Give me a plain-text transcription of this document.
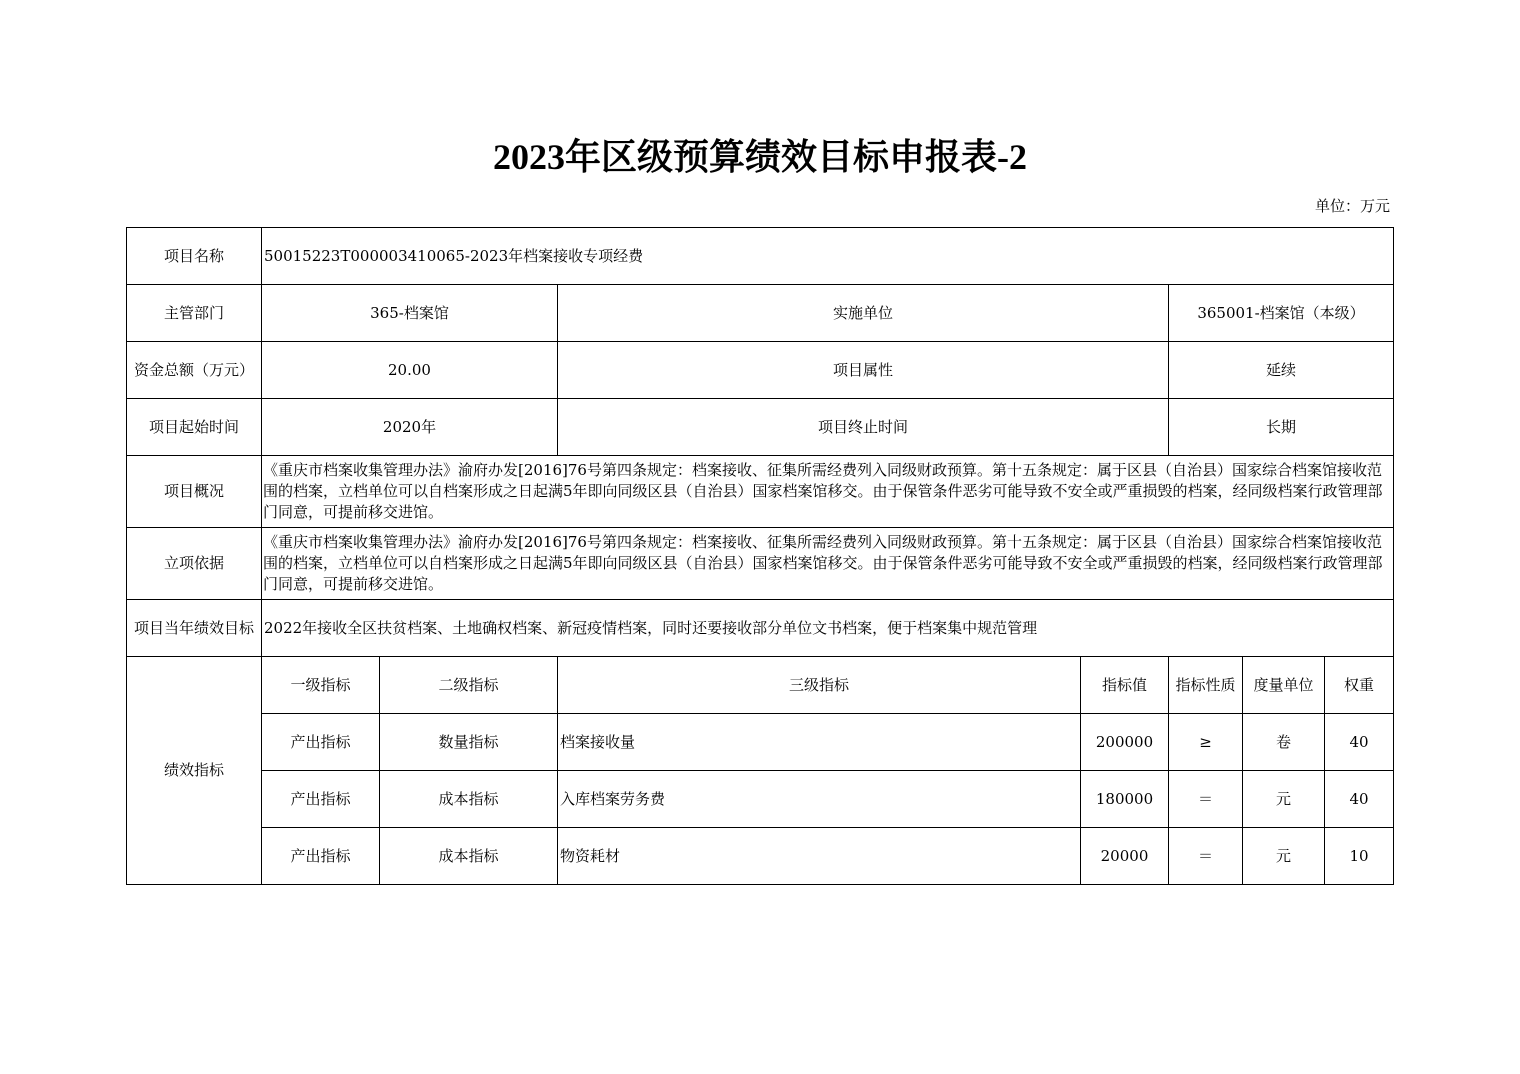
2023年区级预算绩效目标申报表-2
单位：万元
项目名称	50015223T000003410065-2023年档案接收专项经费						
主管部门	365-档案馆		实施单位		365001-档案馆（本级）		
资金总额（万元）	20.00		项目属性		延续		
项目起始时间	2020年		项目终止时间		长期		
项目概况	《重庆市档案收集管理办法》渝府办发[2016]76号第四条规定：档案接收、征集所需经费列入同级财政预算。第十五条规定：属于区县（自治县）国家综合档案馆接收范围的档案，立档单位可以自档案形成之日起满5年即向同级区县（自治县）国家档案馆移交。由于保管条件恶劣可能导致不安全或严重损毁的档案，经同级档案行政管理部门同意，可提前移交进馆。						
立项依据	《重庆市档案收集管理办法》渝府办发[2016]76号第四条规定：档案接收、征集所需经费列入同级财政预算。第十五条规定：属于区县（自治县）国家综合档案馆接收范围的档案，立档单位可以自档案形成之日起满5年即向同级区县（自治县）国家档案馆移交。由于保管条件恶劣可能导致不安全或严重损毁的档案，经同级档案行政管理部门同意，可提前移交进馆。						
项目当年绩效目标	2022年接收全区扶贫档案、土地确权档案、新冠疫情档案，同时还要接收部分单位文书档案，便于档案集中规范管理						
绩效指标	一级指标	二级指标	三级指标	指标值	指标性质	度量单位	权重
	产出指标	数量指标	档案接收量	200000	≥	卷	40
	产出指标	成本指标	入库档案劳务费	180000	＝	元	40
	产出指标	成本指标	物资耗材	20000	＝	元	10
